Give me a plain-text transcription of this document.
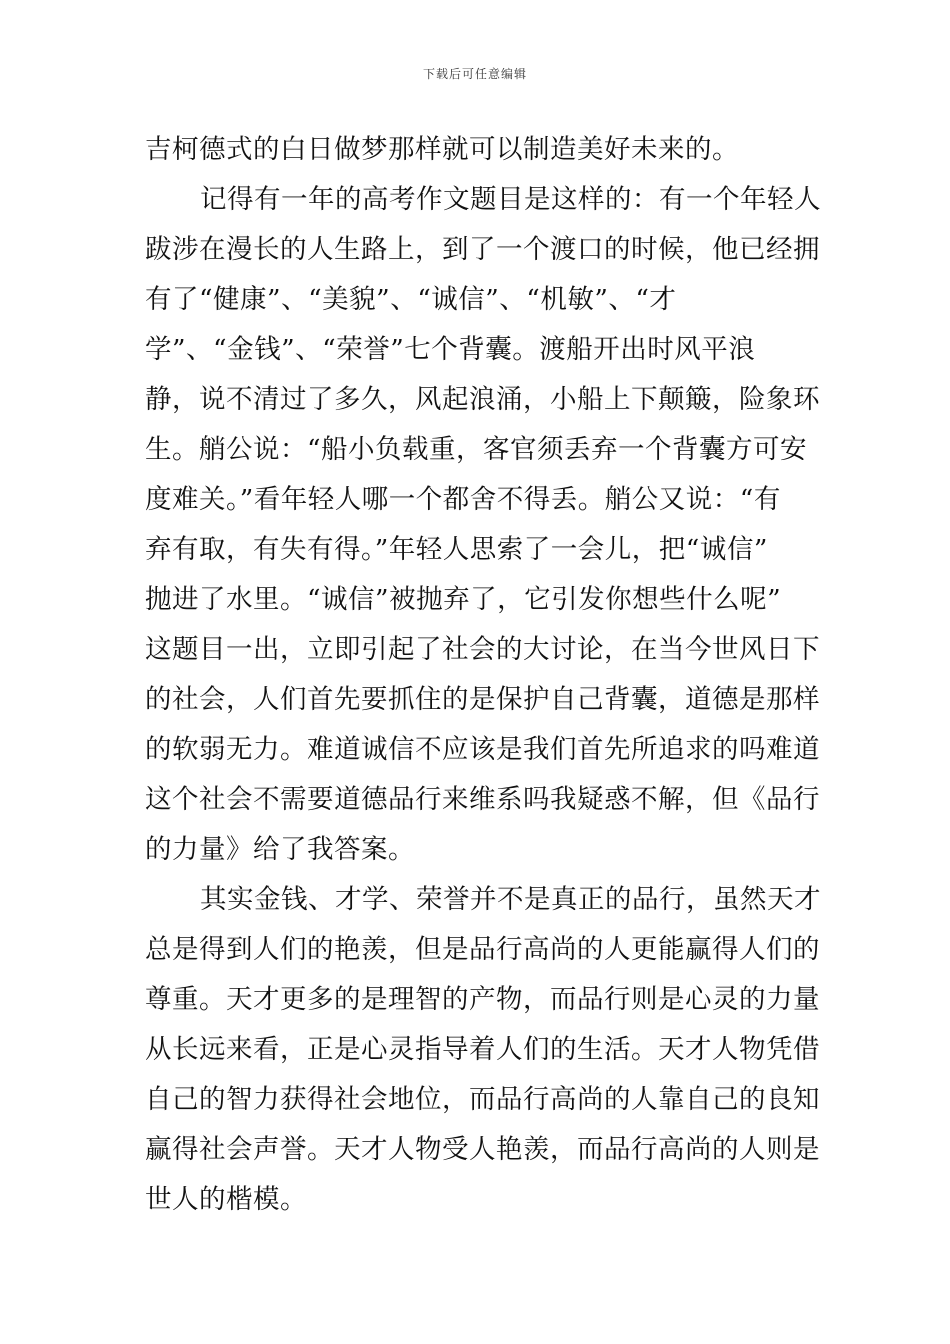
下载后可任意编辑
吉柯德式的白日做梦那样就可以制造美好未来的。
记得有一年的高考作文题目是这样的：有一个年轻人
跋涉在漫长的人生路上，到了一个渡口的时候，他已经拥
有了“健康”、“美貌”、“诚信”、“机敏”、“才
学”、“金钱”、“荣誉”七个背囊。渡船开出时风平浪
静，说不清过了多久，风起浪涌，小船上下颠簸，险象环
生。艄公说：“船小负载重，客官须丢弃一个背囊方可安
度难关。”看年轻人哪一个都舍不得丢。艄公又说：“有
弃有取，有失有得。”年轻人思索了一会儿，把“诚信”
抛进了水里。“诚信”被抛弃了，它引发你想些什么呢”
这题目一出，立即引起了社会的大讨论，在当今世风日下
的社会，人们首先要抓住的是保护自己背囊，道德是那样
的软弱无力。难道诚信不应该是我们首先所追求的吗难道
这个社会不需要道德品行来维系吗我疑惑不解，但《品行
的力量》给了我答案。
其实金钱、才学、荣誉并不是真正的品行，虽然天才
总是得到人们的艳羡，但是品行高尚的人更能赢得人们的
尊重。天才更多的是理智的产物，而品行则是心灵的力量
从长远来看，正是心灵指导着人们的生活。天才人物凭借
自己的智力获得社会地位，而品行高尚的人靠自己的良知
赢得社会声誉。天才人物受人艳羡，而品行高尚的人则是
世人的楷模。
